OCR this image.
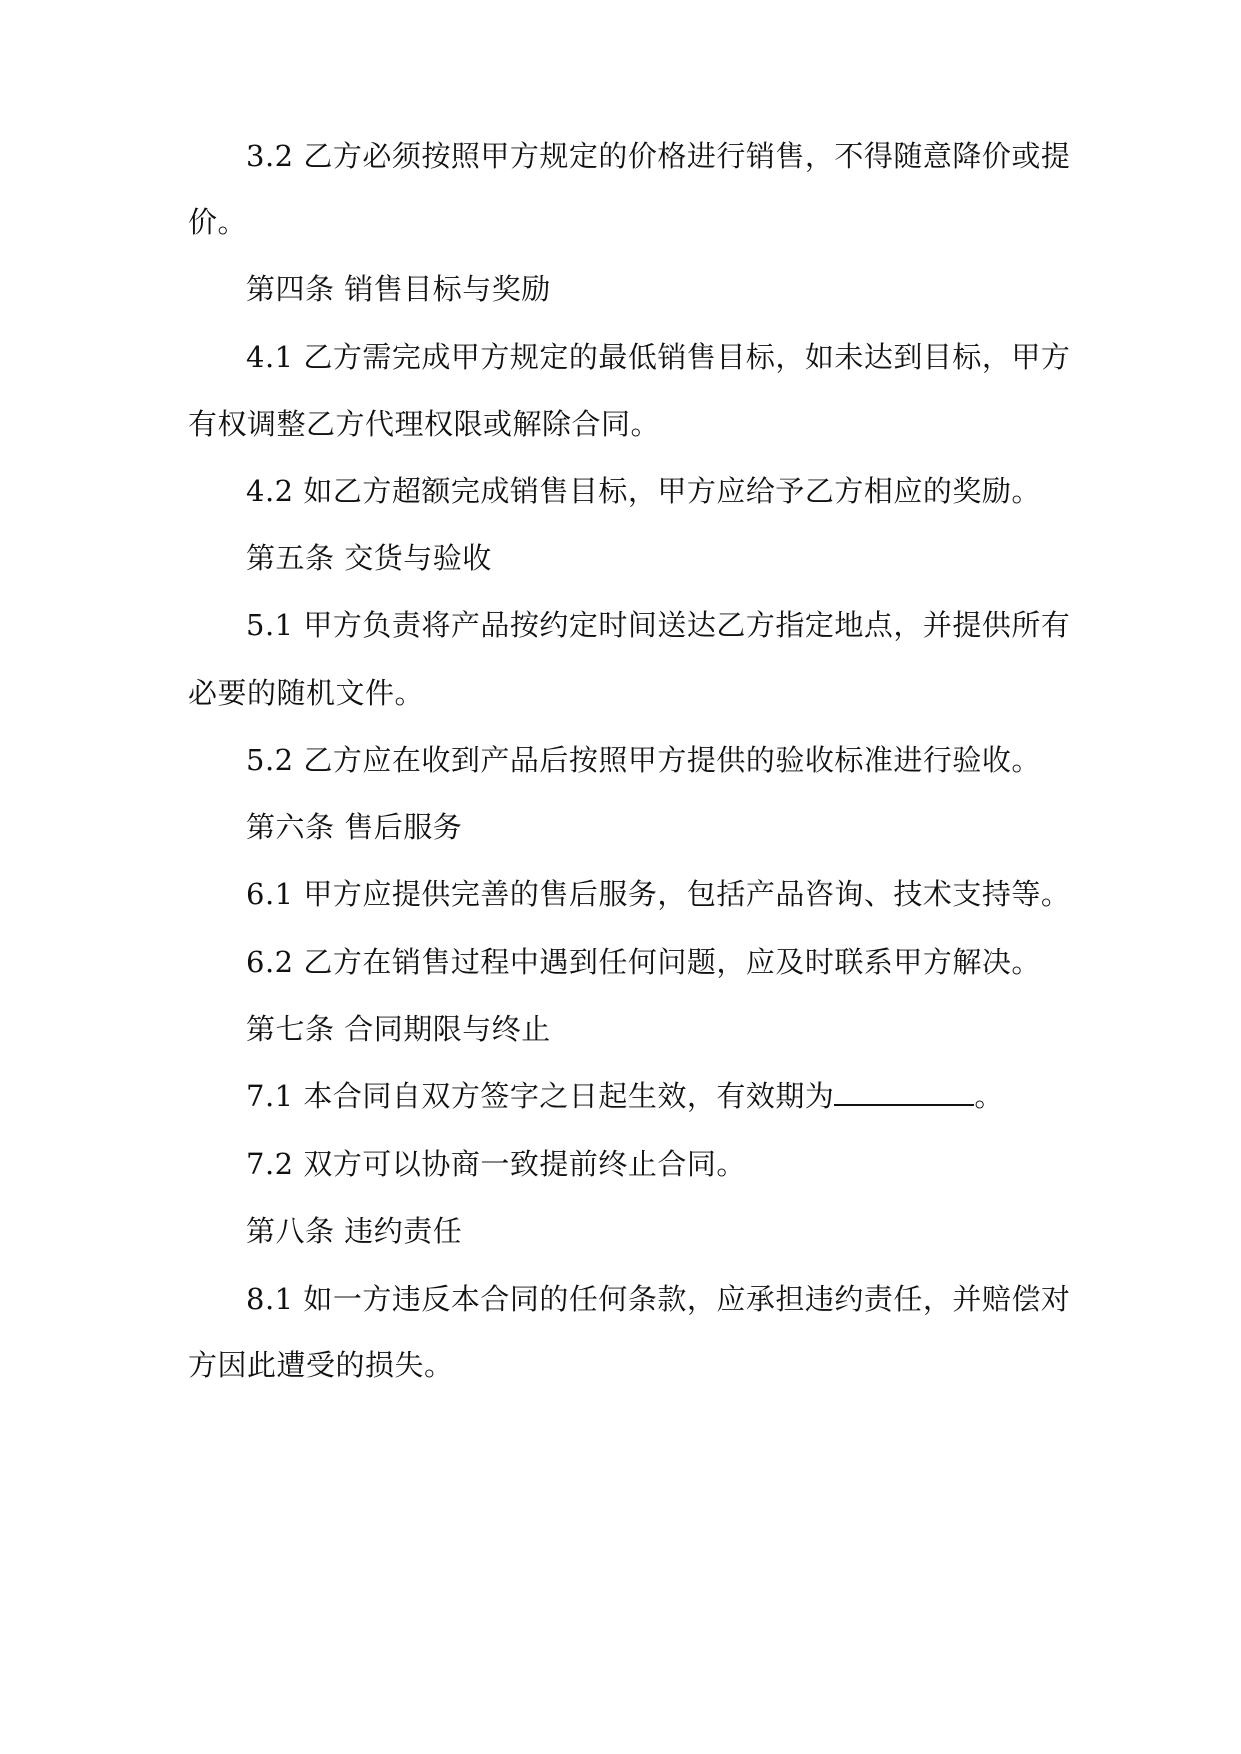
3.2 乙方必须按照甲方规定的价格进行销售，不得随意降价或提
价。
第四条 销售目标与奖励
4.1 乙方需完成甲方规定的最低销售目标，如未达到目标，甲方
有权调整乙方代理权限或解除合同。
4.2 如乙方超额完成销售目标，甲方应给予乙方相应的奖励。
第五条 交货与验收
5.1 甲方负责将产品按约定时间送达乙方指定地点，并提供所有
必要的随机文件。
5.2 乙方应在收到产品后按照甲方提供的验收标准进行验收。
第六条 售后服务
6.1 甲方应提供完善的售后服务，包括产品咨询、技术支持等。
6.2 乙方在销售过程中遇到任何问题，应及时联系甲方解决。
第七条 合同期限与终止
7.1 本合同自双方签字之日起生效，有效期为	。
7.2 双方可以协商一致提前终止合同。
第八条 违约责任
8.1 如一方违反本合同的任何条款，应承担违约责任，并赔偿对
方因此遭受的损失。
